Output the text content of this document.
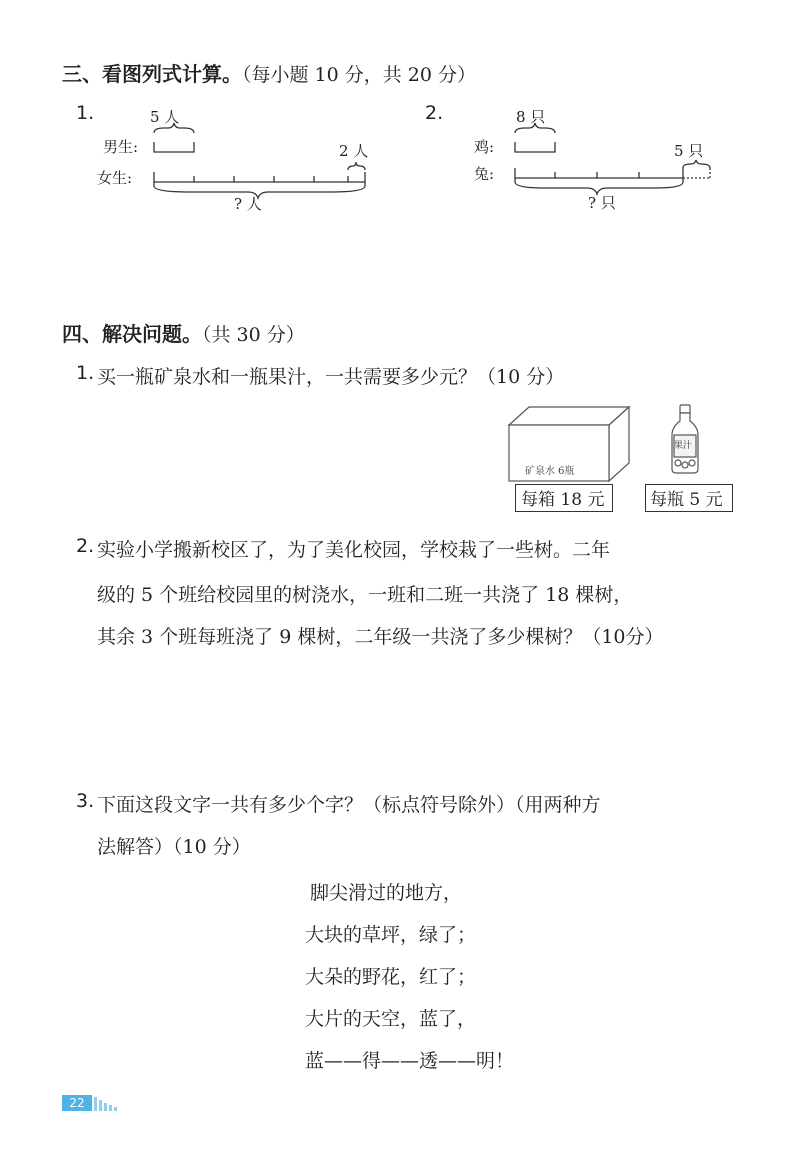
三、看图列式计算。（每小题 10 分，共 20 分）
1.	5 人
男生:
女生:
2 人
? 人
2.	8 只
鸡:
兔:
5 只
? 只
四、解决问题。（共 30 分）
1. 买一瓶矿泉水和一瓶果汁，一共需要多少元？（10 分）
矿泉水 6瓶
果汁
每箱 18 元	每瓶 5 元
2. 实验小学搬新校区了，为了美化校园，学校栽了一些树。二年
级的 5 个班给校园里的树浇水，一班和二班一共浇了 18 棵树，
其余 3 个班每班浇了 9 棵树，二年级一共浇了多少棵树？（10分）
3. 下面这段文字一共有多少个字？（标点符号除外）（用两种方
法解答）（10 分）
脚尖滑过的地方，
大块的草坪，绿了；
大朵的野花，红了；
大片的天空，蓝了，
蓝——得——透——明！
22
